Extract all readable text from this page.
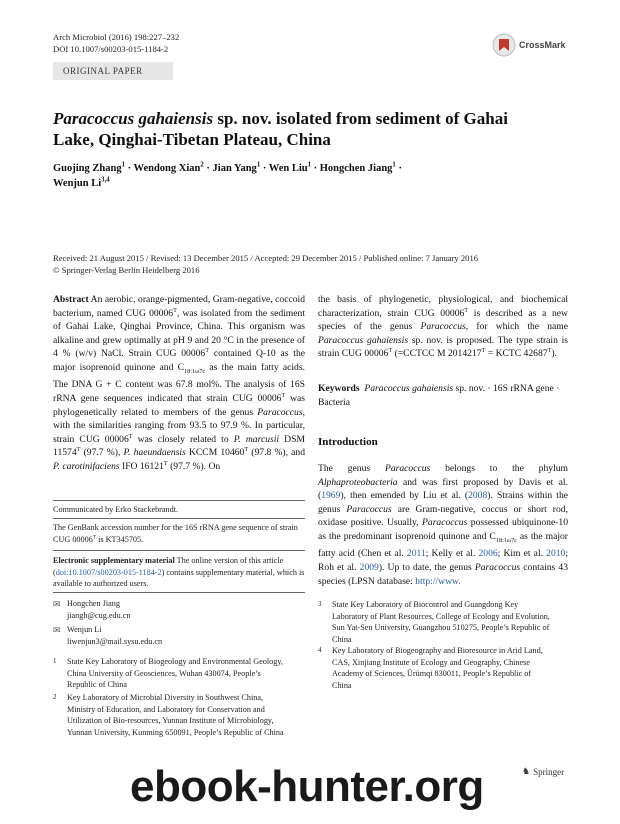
Arch Microbiol (2016) 198:227–232
DOI 10.1007/s00203-015-1184-2	CrossMark
ORIGINAL PAPER
Paracoccus gahaiensis sp. nov. isolated from sediment of Gahai
Lake, Qinghai-Tibetan Plateau, China
Guojing Zhang$^1$ · Wendong Xian$^2$ · Jian Yang$^1$ · Wen Liu$^1$ · Hongchen Jiang$^1$ ·
Wenjun Li$^{3,4}$
Received: 21 August 2015 / Revised: 13 December 2015 / Accepted: 29 December 2015 / Published online: 7 January 2016
© Springer-Verlag Berlin Heidelberg 2016
Abstract An aerobic, orange-pigmented, Gram-negative, coccoid bacterium, named CUG $00006^T$, was isolated from the sediment of Gahai Lake, Qinghai Province, China. This organism was alkaline and grew optimally at pH 9 and 20 °C in the presence of 4 % (w/v) NaCl. Strain CUG $00006^T$ contained Q-10 as the major isoprenoid quinone and $C_{18:1\omega 7c}$ as the main fatty acids. The DNA G + C content was 67.8 mol%. The analysis of 16S rRNA gene sequences indicated that strain CUG $00006^T$ was phylogenetically related to members of the genus Paracoccus, with the similarities ranging from 93.5 to 97.9 %. In particular, strain CUG $00006^T$ was closely related to P. marcusii DSM $11574^T$ (97.7 %), P. haeundaensis KCCM $10460^T$ (97.8 %), and P. carotinifaciens IFO $16121^T$ (97.7 %). On
the basis of phylogenetic, physiological, and biochemical characterization, strain CUG $00006^T$ is described as a new species of the genus Paracoccus, for which the name Paracoccus gahaiensis sp. nov. is proposed. The type strain is strain CUG $00006^T$ (=CCTCC M $2014217^T$ = KCTC $42687^T$).
Keywords Paracoccus gahaiensis sp. nov. · 16S rRNA gene · Bacteria
Introduction
The genus Paracoccus belongs to the phylum Alphaproteobacteria and was first proposed by Davis et al. (1969), then emended by Liu et al. (2008). Strains within the genus Paracoccus are Gram-negative, coccus or short rod, oxidase positive. Usually, Paracoccus possessed ubiquinone-10 as the predominant isoprenoid quinone and $C_{18:1\omega 7c}$ as the major fatty acid (Chen et al. 2011; Kelly et al. 2006; Kim et al. 2010; Roh et al. 2009). Up to date, the genus Paracoccus contains 43 species (LPSN database: http://www.
Communicated by Erko Stackebrandt.
The GenBank accession number for the 16S rRNA gene sequence of strain CUG $00006^T$ is KT345705.
Electronic supplementary material The online version of this article (doi:10.1007/s00203-015-1184-2) contains supplementary material, which is available to authorized users.
✉ Hongchen Jiang
jiangh@cug.edu.cn
✉ Wenjun Li
liwenjun3@mail.sysu.edu.cn
1 State Key Laboratory of Biogeology and Environmental Geology, China University of Geosciences, Wuhan 430074, People’s Republic of China
2 Key Laboratory of Microbial Diversity in Southwest China, Ministry of Education, and Laboratory for Conservation and Utilization of Bio-resources, Yunnan Institute of Microbiology, Yunnan University, Kunming 650091, People’s Republic of China
3 State Key Laboratory of Biocontrol and Guangdong Key Laboratory of Plant Resources, College of Ecology and Evolution, Sun Yat-Sen University, Guangzhou 510275, People’s Republic of China
4 Key Laboratory of Biogeography and Bioresource in Arid Land, CAS, Xinjiang Institute of Ecology and Geography, Chinese Academy of Sciences, Ürümqi 830011, People’s Republic of China
♞ Springer
ebook-hunter.org
